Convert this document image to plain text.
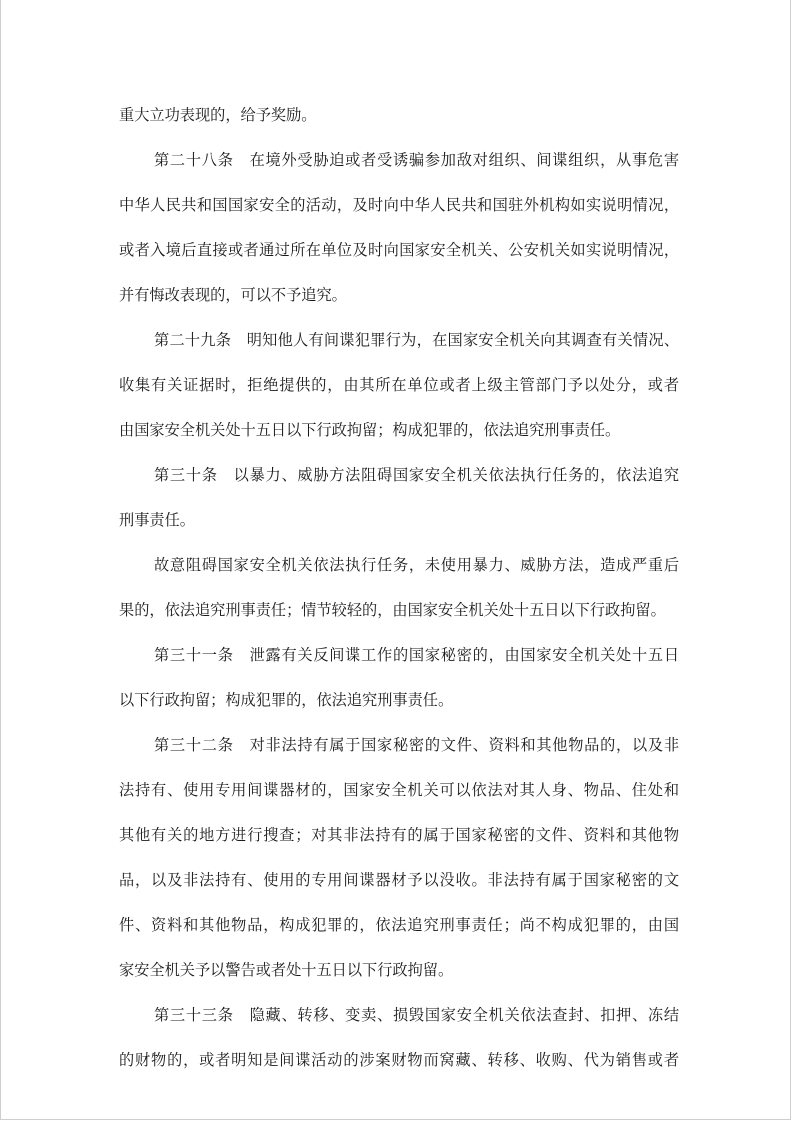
重大立功表现的，给予奖励。
第二十八条　在境外受胁迫或者受诱骗参加敌对组织、间谍组织，从事危害
中华人民共和国国家安全的活动，及时向中华人民共和国驻外机构如实说明情况，
或者入境后直接或者通过所在单位及时向国家安全机关、公安机关如实说明情况，
并有悔改表现的，可以不予追究。
第二十九条　明知他人有间谍犯罪行为，在国家安全机关向其调查有关情况、
收集有关证据时，拒绝提供的，由其所在单位或者上级主管部门予以处分，或者
由国家安全机关处十五日以下行政拘留；构成犯罪的，依法追究刑事责任。
第三十条　以暴力、威胁方法阻碍国家安全机关依法执行任务的，依法追究
刑事责任。
故意阻碍国家安全机关依法执行任务，未使用暴力、威胁方法，造成严重后
果的，依法追究刑事责任；情节较轻的，由国家安全机关处十五日以下行政拘留。
第三十一条　泄露有关反间谍工作的国家秘密的，由国家安全机关处十五日
以下行政拘留；构成犯罪的，依法追究刑事责任。
第三十二条　对非法持有属于国家秘密的文件、资料和其他物品的，以及非
法持有、使用专用间谍器材的，国家安全机关可以依法对其人身、物品、住处和
其他有关的地方进行搜查；对其非法持有的属于国家秘密的文件、资料和其他物
品，以及非法持有、使用的专用间谍器材予以没收。非法持有属于国家秘密的文
件、资料和其他物品，构成犯罪的，依法追究刑事责任；尚不构成犯罪的，由国
家安全机关予以警告或者处十五日以下行政拘留。
第三十三条　隐藏、转移、变卖、损毁国家安全机关依法查封、扣押、冻结
的财物的，或者明知是间谍活动的涉案财物而窝藏、转移、收购、代为销售或者
